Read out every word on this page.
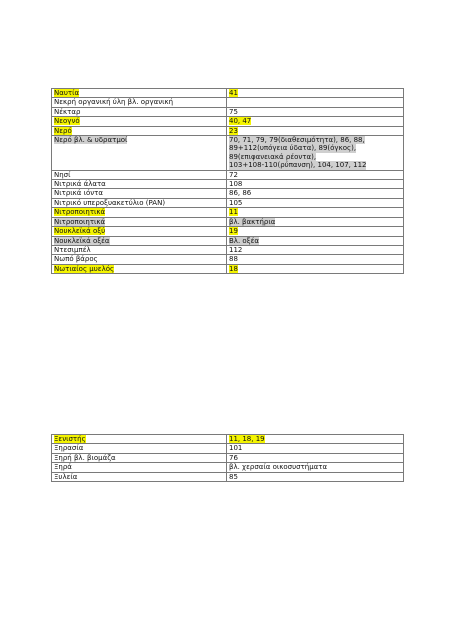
Ναυτία	41
Νεκρή οργανική ύλη βλ. οργανική	
Νέκταρ	75
Νεογνό	40, 47
Νερό	23
Νερό βλ. & υδρατμοί	70, 71, 79, 79(διαθεσιμότητα), 86, 88,
89+112(υπόγεια ύδατα), 89(όγκος),
89(επιφανειακά ρέοντα),
103+108-110(ρύπανση), 104, 107, 112

Νησί	72
Νιτρικά άλατα	108
Νιτρικά ιόντα	86, 86
Νιτρικό υπεροξυακετύλιο (PAN)	105
Νιτροποιητικά	11
Νιτροποιητικά	βλ. βακτήρια
Νουκλεϊκά οξύ	19
Νουκλεϊκά οξέα	Βλ. οξέα
Ντεσιμπέλ	112
Νωπό βάρος	88
Νωτιαίος μυελός	18
Ξενιστής	11, 18, 19
Ξηρασία	101
Ξηρή βλ. βιομάζα	76
Ξηρά	βλ. χερσαία οικοσυστήματα
Ξυλεία	85
